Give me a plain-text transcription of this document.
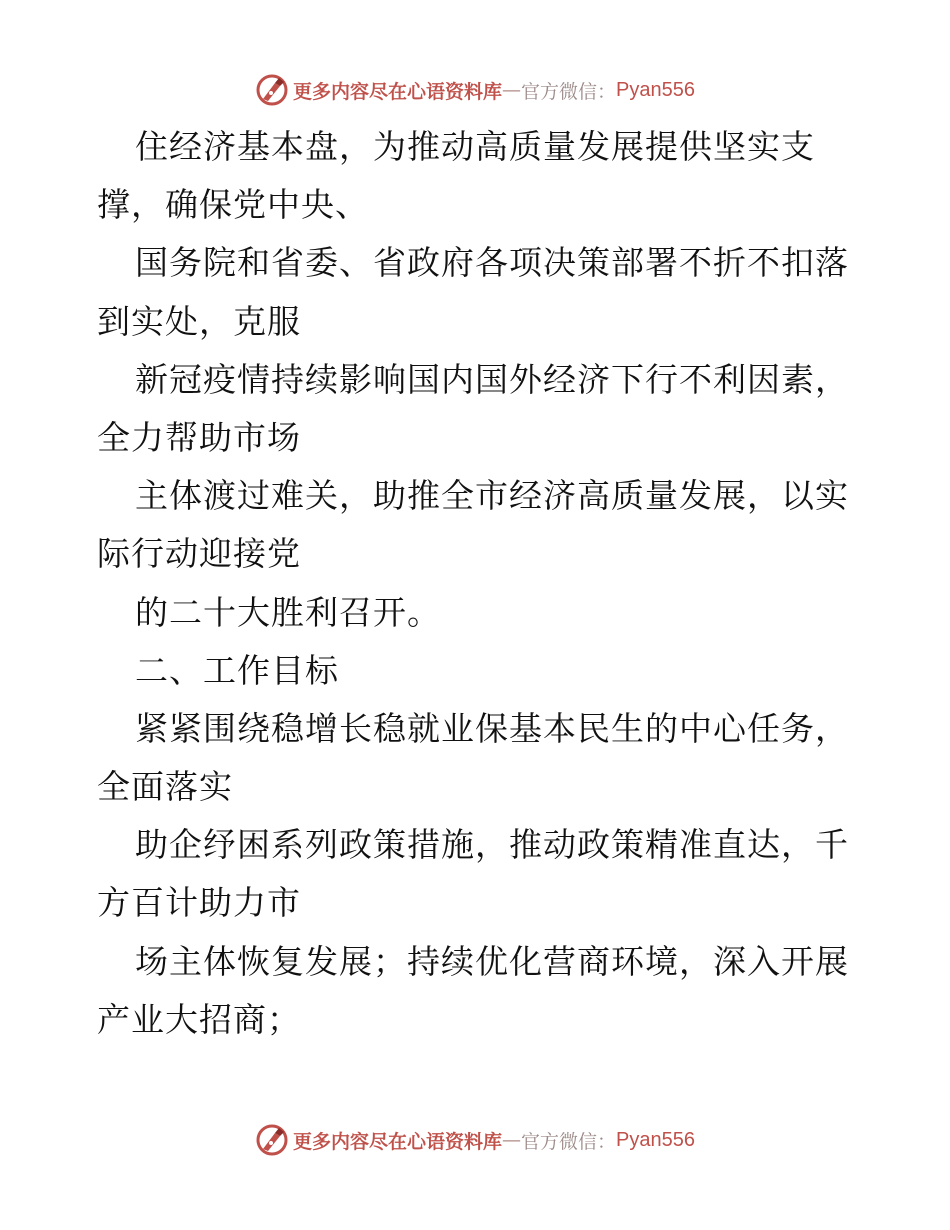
更多内容尽在心语资料库 — 官方微信： Pyan556
住经济基本盘，为推动高质量发展提供坚实支
撑，确保党中央、
国务院和省委、省政府各项决策部署不折不扣落
到实处，克服
新冠疫情持续影响国内国外经济下行不利因素，
全力帮助市场
主体渡过难关，助推全市经济高质量发展，以实
际行动迎接党
的二十大胜利召开。
二、工作目标
紧紧围绕稳增长稳就业保基本民生的中心任务，
全面落实
助企纾困系列政策措施，推动政策精准直达，千
方百计助力市
场主体恢复发展；持续优化营商环境，深入开展
产业大招商；
更多内容尽在心语资料库 — 官方微信： Pyan556
